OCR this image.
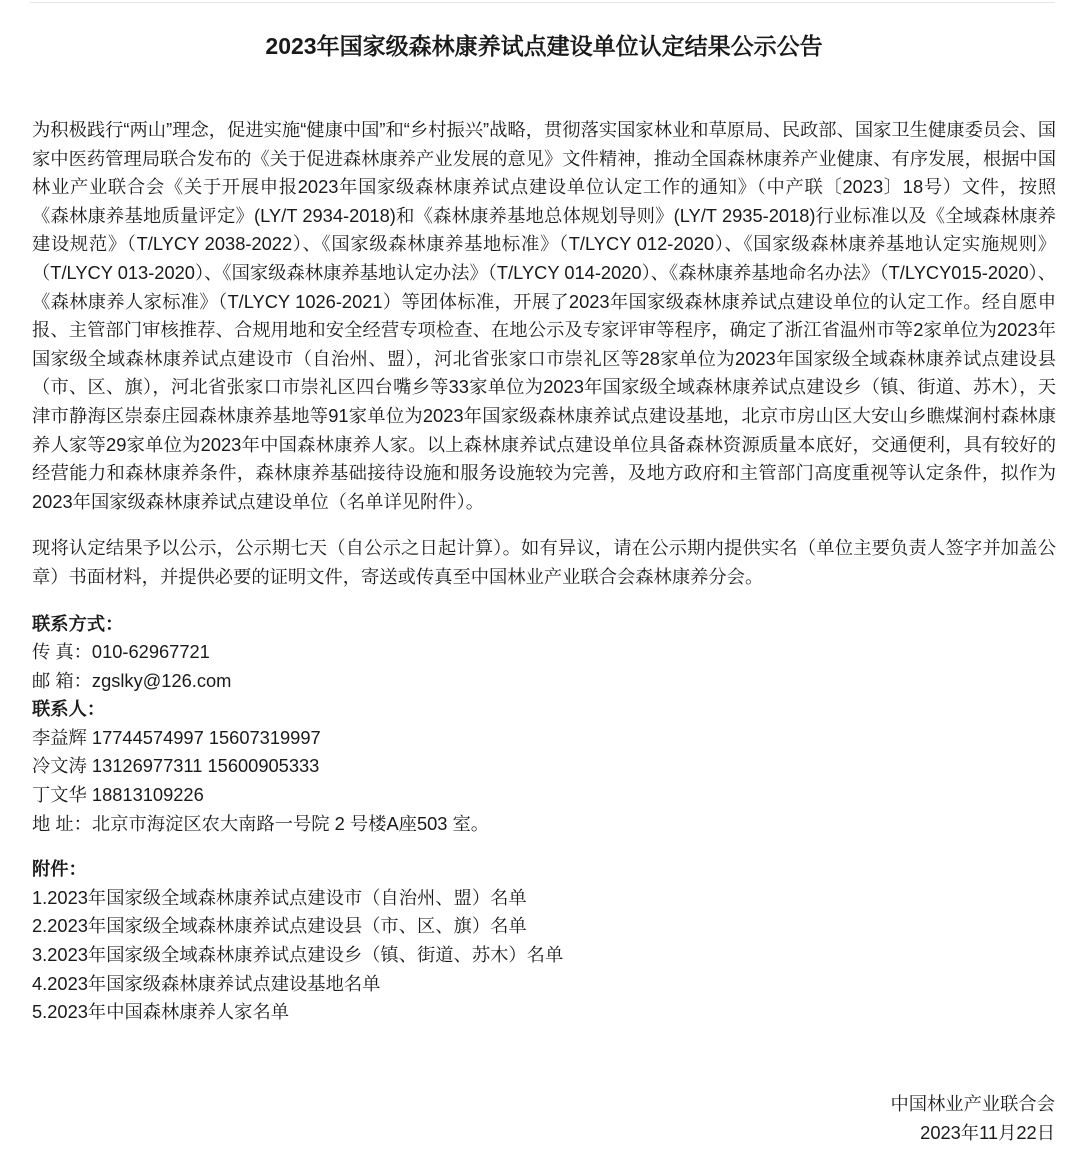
2023年国家级森林康养试点建设单位认定结果公示公告

为积极践行“两山”理念，促进实施“健康中国”和“乡村振兴”战略，贯彻落实国家林业和草原局、民政部、国家卫生健康委员会、国家中医药管理局联合发布的《关于促进森林康养产业发展的意见》文件精神，推动全国森林康养产业健康、有序发展，根据中国林业产业联合会《关于开展申报2023年国家级森林康养试点建设单位认定工作的通知》（中产联〔2023〕18号）文件，按照《森林康养基地质量评定》(LY/T 2934-2018)和《森林康养基地总体规划导则》(LY/T 2935-2018)行业标准以及《全域森林康养建设规范》（T/LYCY 2038-2022）、《国家级森林康养基地标准》（T/LYCY 012-2020）、《国家级森林康养基地认定实施规则》（T/LYCY 013-2020）、《国家级森林康养基地认定办法》（T/LYCY 014-2020）、《森林康养基地命名办法》（T/LYCY015-2020）、《森林康养人家标准》（T/LYCY 1026-2021）等团体标准，开展了2023年国家级森林康养试点建设单位的认定工作。经自愿申报、主管部门审核推荐、合规用地和安全经营专项检查、在地公示及专家评审等程序，确定了浙江省温州市等2家单位为2023年国家级全域森林康养试点建设市（自治州、盟），河北省张家口市崇礼区等28家单位为2023年国家级全域森林康养试点建设县（市、区、旗），河北省张家口市崇礼区四台嘴乡等33家单位为2023年国家级全域森林康养试点建设乡（镇、街道、苏木），天津市静海区崇泰庄园森林康养基地等91家单位为2023年国家级森林康养试点建设基地，北京市房山区大安山乡瞧煤涧村森林康养人家等29家单位为2023年中国森林康养人家。以上森林康养试点建设单位具备森林资源质量本底好，交通便利，具有较好的经营能力和森林康养条件，森林康养基础接待设施和服务设施较为完善，及地方政府和主管部门高度重视等认定条件，拟作为2023年国家级森林康养试点建设单位（名单详见附件）。

现将认定结果予以公示，公示期七天（自公示之日起计算）。如有异议，请在公示期内提供实名（单位主要负责人签字并加盖公章）书面材料，并提供必要的证明文件，寄送或传真至中国林业产业联合会森林康养分会。

联系方式：
传 真：010-62967721
邮 箱：zgslky@126.com
联系人：
李益辉 17744574997 15607319997
冷文涛 13126977311 15600905333
丁文华 18813109226
地 址：北京市海淀区农大南路一号院 2 号楼A座503 室。
附件：
1.2023年国家级全域森林康养试点建设市（自治州、盟）名单
2.2023年国家级全域森林康养试点建设县（市、区、旗）名单
3.2023年国家级全域森林康养试点建设乡（镇、街道、苏木）名单
4.2023年国家级森林康养试点建设基地名单
5.2023年中国森林康养人家名单
中国林业产业联合会
2023年11月22日
